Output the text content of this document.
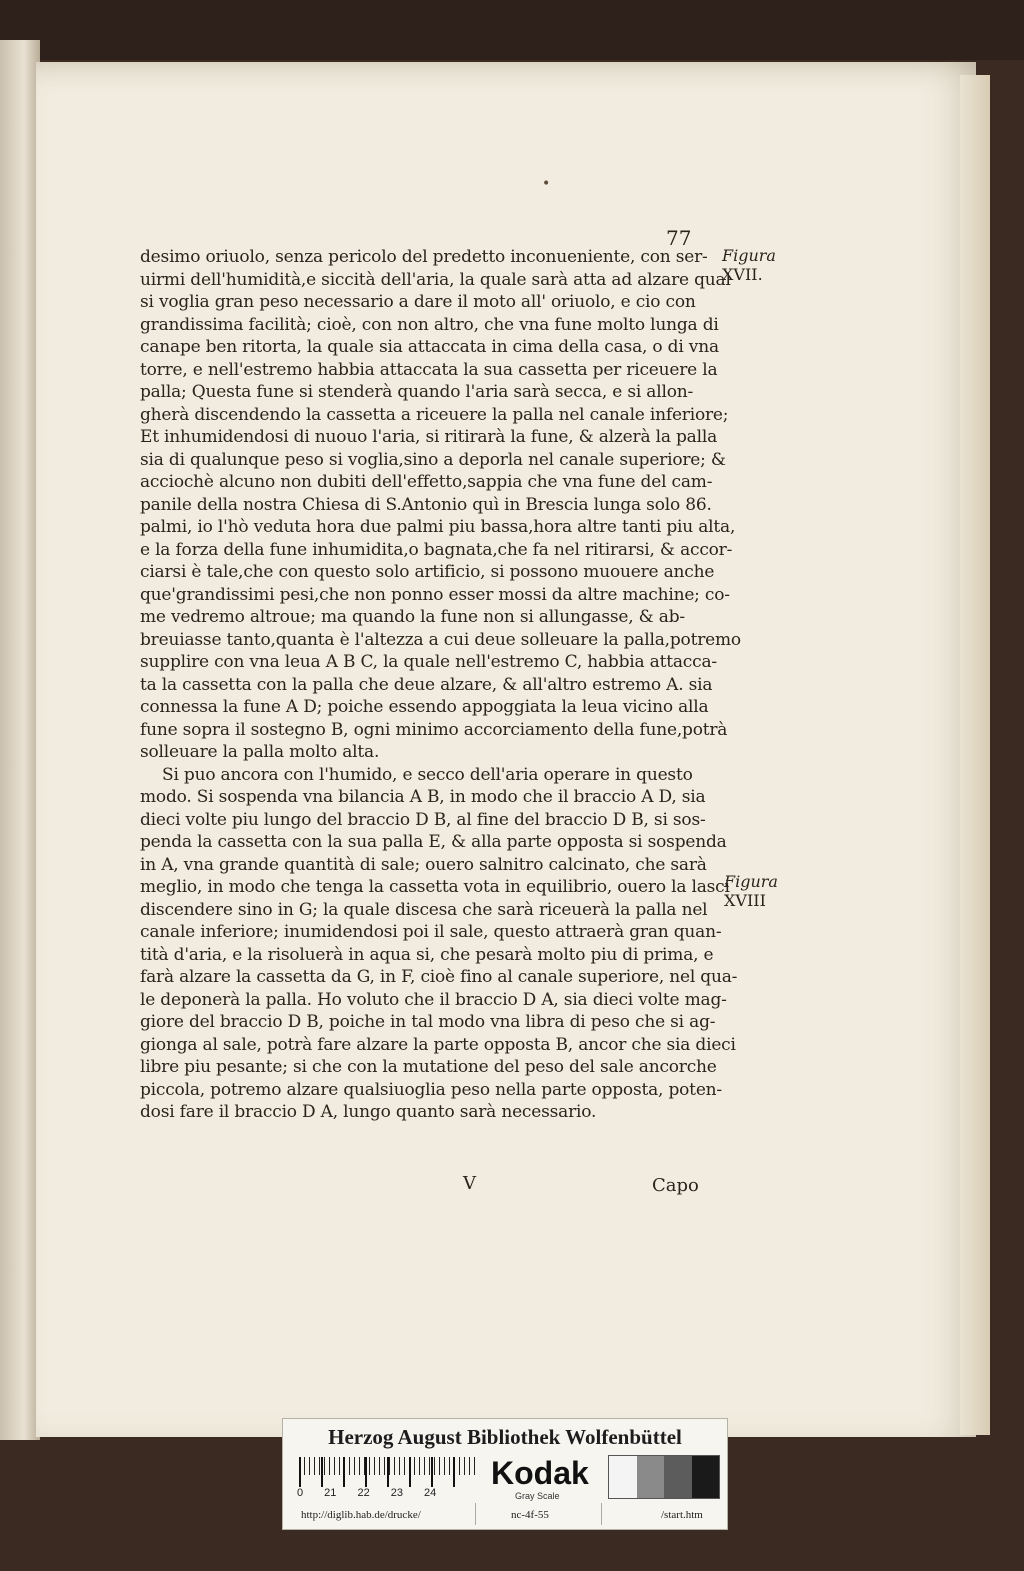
•
77
desimo oriuolo, senza pericolo del predetto inconueniente, con ser-
uirmi dell'humidità,e siccità dell'aria, la quale sarà atta ad alzare qual
si voglia gran peso necessario a dare il moto all' oriuolo, e cio con
grandissima facilità; cioè, con non altro, che vna fune molto lunga di
canape ben ritorta, la quale sia attaccata in cima della casa, o di vna
torre, e nell'estremo habbia attaccata la sua cassetta per riceuere la
palla; Questa fune si stenderà quando l'aria sarà secca, e si allon-
gherà discendendo la cassetta a riceuere la palla nel canale inferiore;
Et inhumidendosi di nuouo l'aria, si ritirarà la fune, & alzerà la palla
sia di qualunque peso si voglia,sino a deporla nel canale superiore; &
acciochè alcuno non dubiti dell'effetto,sappia che vna fune del cam-
panile della nostra Chiesa di S.Antonio quì in Brescia lunga solo 86.
palmi, io l'hò veduta hora due palmi piu bassa,hora altre tanti piu alta,
e la forza della fune inhumidita,o bagnata,che fa nel ritirarsi, & accor-
ciarsi è tale,che con questo solo artificio, si possono muouere anche
que'grandissimi pesi,che non ponno esser mossi da altre machine; co-
me vedremo altroue; ma quando la fune non si allungasse, & ab-
breuiasse tanto,quanta è l'altezza a cui deue solleuare la palla,potremo
supplire con vna leua A B C, la quale nell'estremo C, habbia attacca-
ta la cassetta con la palla che deue alzare, & all'altro estremo A. sia
connessa la fune A D; poiche essendo appoggiata la leua vicino alla
fune sopra il sostegno B, ogni minimo accorciamento della fune,potrà
solleuare la palla molto alta.
Si puo ancora con l'humido, e secco dell'aria operare in questo
modo. Si sospenda vna bilancia A B, in modo che il braccio A D, sia
dieci volte piu lungo del braccio D B, al fine del braccio D B, si sos-
penda la cassetta con la sua palla E, & alla parte opposta si sospenda
in A, vna grande quantità di sale; ouero salnitro calcinato, che sarà
meglio, in modo che tenga la cassetta vota in equilibrio, ouero la lasci
discendere sino in G; la quale discesa che sarà riceuerà la palla nel
canale inferiore; inumidendosi poi il sale, questo attraerà gran quan-
tità d'aria, e la risoluerà in aqua si, che pesarà molto piu di prima, e
farà alzare la cassetta da G, in F, cioè fino al canale superiore, nel qua-
le deponerà la palla. Ho voluto che il braccio D A, sia dieci volte mag-
giore del braccio D B, poiche in tal modo vna libra di peso che si ag-
gionga al sale, potrà fare alzare la parte opposta B, ancor che sia dieci
libre piu pesante; si che con la mutatione del peso del sale ancorche
piccola, potremo alzare qualsiuoglia peso nella parte opposta, poten-
dosi fare il braccio D A, lungo quanto sarà necessario.
Figura
XVII.
Figura
XVIII
V	Capo
Herzog August Bibliothek Wolfenbüttel
0 21 22 23 24
Kodak
Gray Scale
http://diglib.hab.de/drucke/	nc-4f-55	/start.htm
